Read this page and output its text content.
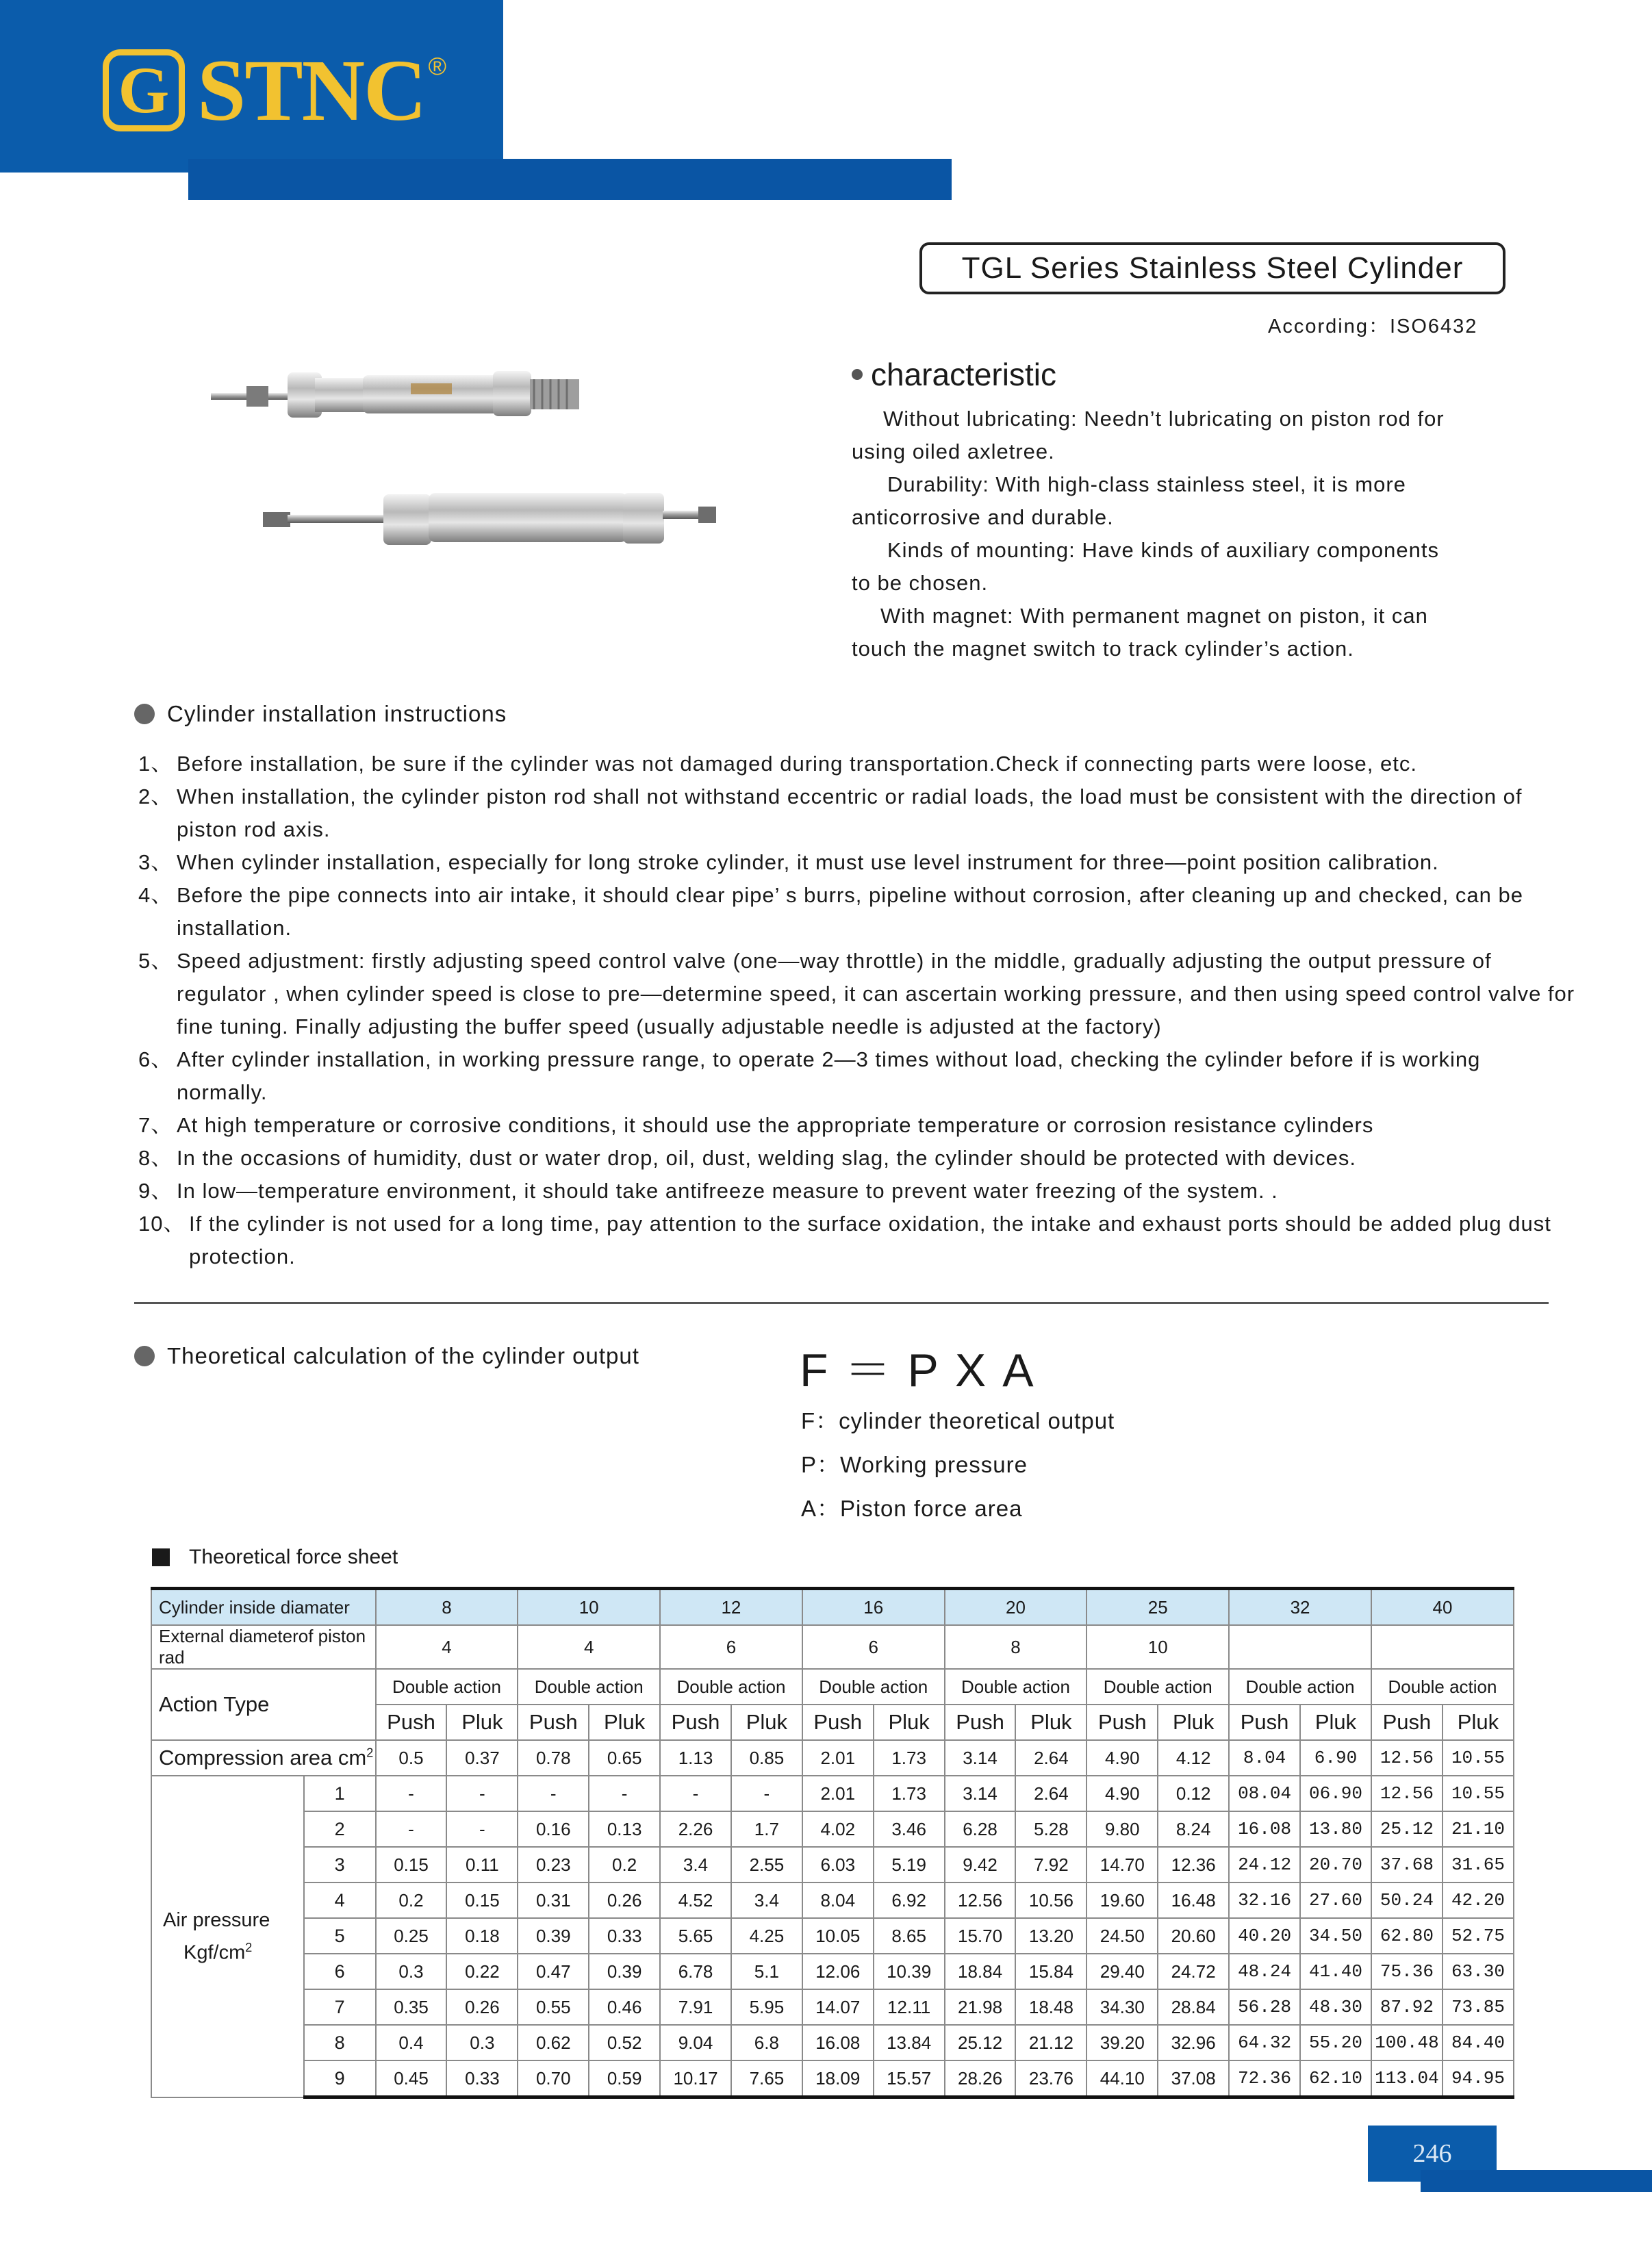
G STNC ®
TGL Series Stainless Steel Cylinder
According：ISO6432
characteristic

Without lubricating: Needn’t lubricating on piston rod for

using oiled axletree.

Durability: With high-class stainless steel, it is more

anticorrosive and durable.

Kinds of mounting: Have kinds of auxiliary components

to be chosen.

With magnet: With permanent magnet on piston, it can

touch the magnet switch to track cylinder’s action.

Cylinder installation instructions
1、 Before installation, be sure if the cylinder was not damaged during transportation.Check if connecting parts were loose, etc.
2、 When installation, the cylinder piston rod shall not withstand eccentric or radial loads, the load must be consistent with the direction of piston rod axis.
3、 When cylinder installation, especially for long stroke cylinder, it must use level instrument for three—point position calibration.
4、 Before the pipe connects into air intake, it should clear pipe’ s burrs, pipeline without corrosion, after cleaning up and checked, can be installation.
5、 Speed adjustment: firstly adjusting speed control valve (one—way throttle) in the middle, gradually adjusting the output pressure of regulator , when cylinder speed is close to pre—determine speed, it can ascertain working pressure, and then using speed control valve for fine tuning. Finally adjusting the buffer speed (usually adjustable needle is adjusted at the factory)
6、 After cylinder installation, in working pressure range, to operate 2—3 times without load, checking the cylinder before if is working normally.
7、 At high temperature or corrosive conditions, it should use the appropriate temperature or corrosion resistance cylinders
8、 In the occasions of humidity, dust or water drop, oil, dust, welding slag, the cylinder should be protected with devices.
9、 In low—temperature environment, it should take antifreeze measure to prevent water freezing of the system. .
10、 If the cylinder is not used for a long time, pay attention to the surface oxidation, the intake and exhaust ports should be added plug dust protection.
Theoretical calculation of the cylinder output	F＝PXA
F：cylinder theoretical output
P：Working pressure
A：Piston force area
Theoretical force sheet
Cylinder inside diamater		8		10		12		16		20		25		32		40	
External diameterof piston rad		4		4		6		6		8		10					
Action Type		Double action		Double action		Double action		Double action		Double action		Double action		Double action		Double action	
		Push	Pluk	Push	Pluk	Push	Pluk	Push	Pluk	Push	Pluk	Push	Pluk	Push	Pluk	Push	Pluk
Compression area $cm^2$		0.5	0.37	0.78	0.65	1.13	0.85	2.01	1.73	3.14	2.64	4.90	4.12	8.04	6.90	12.56	10.55

Air pressure
Kgf/$cm^2$	1	-	-	-	-	-	-	2.01	1.73	3.14	2.64	4.90	0.12	08.04	06.90	12.56	10.55
	2	-	-	0.16	0.13	2.26	1.7	4.02	3.46	6.28	5.28	9.80	8.24	16.08	13.80	25.12	21.10
	3	0.15	0.11	0.23	0.2	3.4	2.55	6.03	5.19	9.42	7.92	14.70	12.36	24.12	20.70	37.68	31.65
	4	0.2	0.15	0.31	0.26	4.52	3.4	8.04	6.92	12.56	10.56	19.60	16.48	32.16	27.60	50.24	42.20
	5	0.25	0.18	0.39	0.33	5.65	4.25	10.05	8.65	15.70	13.20	24.50	20.60	40.20	34.50	62.80	52.75
	6	0.3	0.22	0.47	0.39	6.78	5.1	12.06	10.39	18.84	15.84	29.40	24.72	48.24	41.40	75.36	63.30
	7	0.35	0.26	0.55	0.46	7.91	5.95	14.07	12.11	21.98	18.48	34.30	28.84	56.28	48.30	87.92	73.85
	8	0.4	0.3	0.62	0.52	9.04	6.8	16.08	13.84	25.12	21.12	39.20	32.96	64.32	55.20	100.48	84.40
	9	0.45	0.33	0.70	0.59	10.17	7.65	18.09	15.57	28.26	23.76	44.10	37.08	72.36	62.10	113.04	94.95
246
